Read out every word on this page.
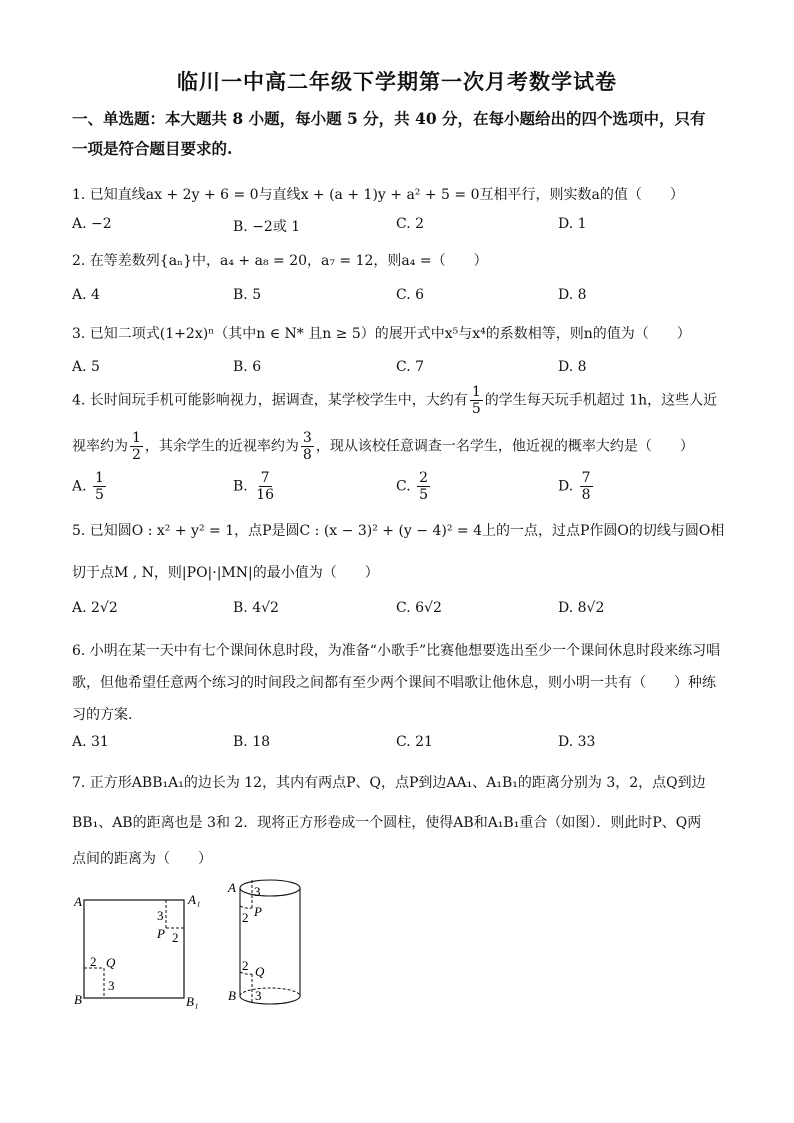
临川一中高二年级下学期第一次月考数学试卷
一、单选题：本大题共 8 小题，每小题 5 分，共 40 分，在每小题给出的四个选项中，只有
一项是符合题目要求的.
1. 已知直线ax + 2y + 6 = 0与直线x + (a + 1)y + a² + 5 = 0互相平行，则实数a的值（　　）
A. −2	B. −2或 1	C. 2	D. 1
2. 在等差数列{aₙ}中，a₄ + a₈ = 20，a₇ = 12，则a₄ =（　　）
A. 4	B. 5	C. 6	D. 8
3. 已知二项式(1+2x)ⁿ（其中n ∈ N* 且n ≥ 5）的展开式中x⁵与x⁴的系数相等，则n的值为（　　）
A. 5	B. 6	C. 7	D. 8
4. 长时间玩手机可能影响视力，据调查，某学校学生中，大约有 $\frac{1}{5}$ 的学生每天玩手机超过 1h，这些人近
视率约为 $\frac{1}{2}$ ，其余学生的近视率约为 $\frac{3}{8}$ ，现从该校任意调查一名学生，他近视的概率大约是（　　）
A. $\frac{1}{5}$	B. $\frac{7}{16}$	C. $\frac{2}{5}$	D. $\frac{7}{8}$
5. 已知圆O : x² + y² = 1，点P是圆C : (x − 3)² + (y − 4)² = 4上的一点，过点P作圆O的切线与圆O相
切于点M , N，则|PO|·|MN|的最小值为（　　）
A. 2√2	B. 4√2	C. 6√2	D. 8√2
6. 小明在某一天中有七个课间休息时段，为准备“小歌手”比赛他想要选出至少一个课间休息时段来练习唱
歌，但他希望任意两个练习的时间段之间都有至少两个课间不唱歌让他休息，则小明一共有（　　）种练
习的方案.
A. 31	B. 18	C. 21	D. 33
7. 正方形ABB₁A₁的边长为 12，其内有两点P、Q，点P到边AA₁、A₁B₁的距离分别为 3，2，点Q到边
BB₁、AB的距离也是 3和 2．现将正方形卷成一个圆柱，使得AB和A₁B₁重合（如图）．则此时P、Q两
点间的距离为（　　）
A	A₁
B	B₁
3
P 2
2 Q
3
A
B
3
P
2
2 Q
3
